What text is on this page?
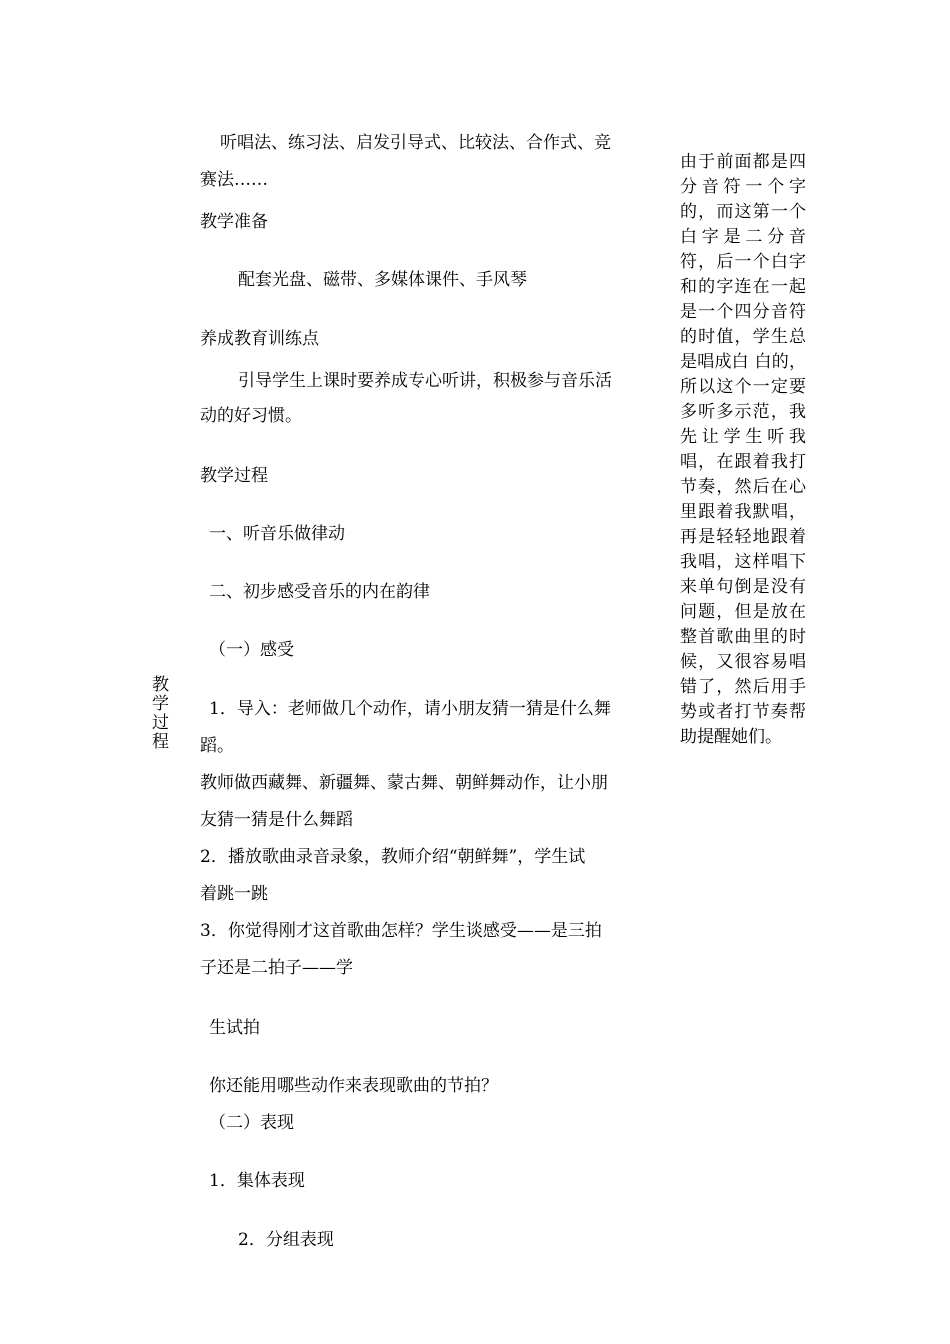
教学过程
听唱法、练习法、启发引导式、比较法、合作式、竞
赛法……
教学准备
配套光盘、磁带、多媒体课件、手风琴
养成教育训练点
引导学生上课时要养成专心听讲，积极参与音乐活
动的好习惯。
教学过程
一、听音乐做律动
二、初步感受音乐的内在韵律
（一）感受
1．导入：老师做几个动作，请小朋友猜一猜是什么舞
蹈。
教师做西藏舞、新疆舞、蒙古舞、朝鲜舞动作，让小朋
友猜一猜是什么舞蹈
2．播放歌曲录音录象，教师介绍“朝鲜舞”，学生试
着跳一跳
3．你觉得刚才这首歌曲怎样？学生谈感受——是三拍
子还是二拍子——学
生试拍
你还能用哪些动作来表现歌曲的节拍？
（二）表现
1．集体表现
2．分组表现
由于前面都是四分音符一个字的，而这第一个白字是二分音符，后一个白字和的字连在一起是一个四分音符的时值，学生总是唱成白 白的，所以这个一定要多听多示范，我先让学生听我唱，在跟着我打节奏，然后在心里跟着我默唱，再是轻轻地跟着我唱，这样唱下来单句倒是没有问题，但是放在整首歌曲里的时候，又很容易唱错了，然后用手势或者打节奏帮助提醒她们。
